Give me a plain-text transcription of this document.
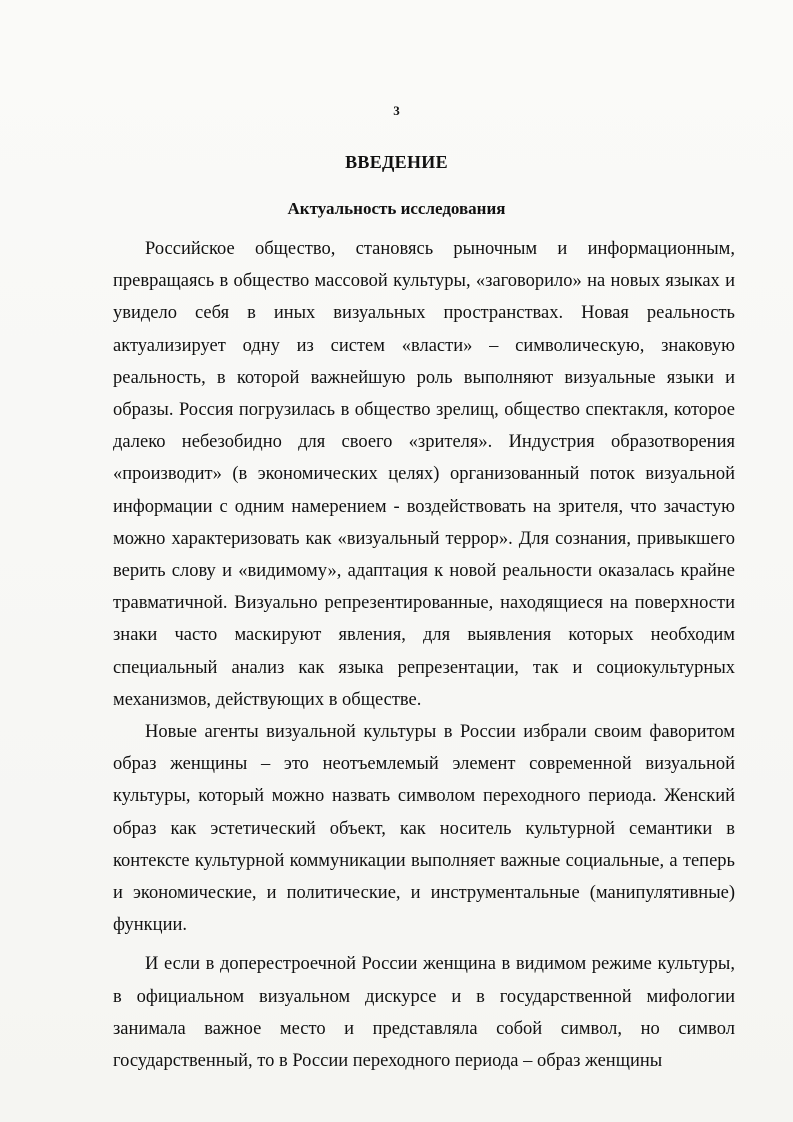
3
ВВЕДЕНИЕ
Актуальность исследования

Российское общество, становясь рыночным и информационным, превращаясь в общество массовой культуры, «заговорило» на новых языках и увидело себя в иных визуальных пространствах. Новая реальность актуализирует одну из систем «власти» – символическую, знаковую реальность, в которой важнейшую роль выполняют визуальные языки и образы. Россия погрузилась в общество зрелищ, общество спектакля, которое далеко небезобидно для своего «зрителя». Индустрия образотворения «производит» (в экономических целях) организованный поток визуальной информации с одним намерением - воздействовать на зрителя, что зачастую можно характеризовать как «визуальный террор». Для сознания, привыкшего верить слову и «видимому», адаптация к новой реальности оказалась крайне травматичной. Визуально репрезентированные, находящиеся на поверхности знаки часто маскируют явления, для выявления которых необходим специальный анализ как языка репрезентации, так и социокультурных механизмов, действующих в обществе.

Новые агенты визуальной культуры в России избрали своим фаворитом образ женщины – это неотъемлемый элемент современной визуальной культуры, который можно назвать символом переходного периода. Женский образ как эстетический объект, как носитель культурной семантики в контексте культурной коммуникации выполняет важные социальные, а теперь и экономические, и политические, и инструментальные (манипулятивные) функции.

И если в доперестроечной России женщина в видимом режиме культуры, в официальном визуальном дискурсе и в государственной мифологии занимала важное место и представляла собой символ, но символ государственный, то в России переходного периода – образ женщины
